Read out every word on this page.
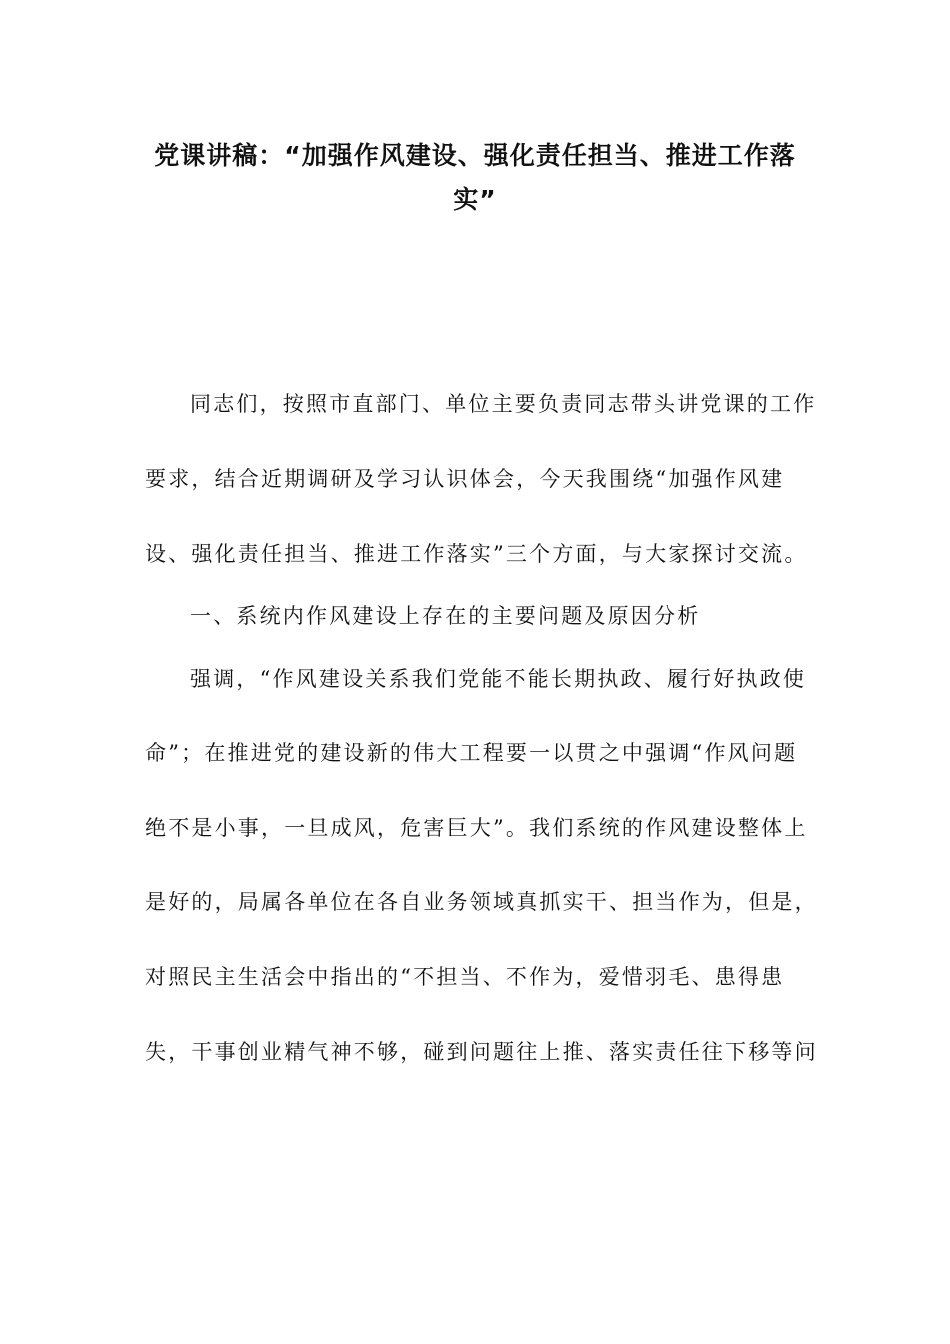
党课讲稿：“加强作风建设、强化责任担当、推进工作落
实”
同志们，按照市直部门、单位主要负责同志带头讲党课的工作
要求，结合近期调研及学习认识体会，今天我围绕“加强作风建
设、强化责任担当、推进工作落实”三个方面，与大家探讨交流。
一、系统内作风建设上存在的主要问题及原因分析
强调，“作风建设关系我们党能不能长期执政、履行好执政使
命”；在推进党的建设新的伟大工程要一以贯之中强调“作风问题
绝不是小事，一旦成风，危害巨大”。我们系统的作风建设整体上
是好的，局属各单位在各自业务领域真抓实干、担当作为，但是，
对照民主生活会中指出的“不担当、不作为，爱惜羽毛、患得患
失，干事创业精气神不够，碰到问题往上推、落实责任往下移等问
